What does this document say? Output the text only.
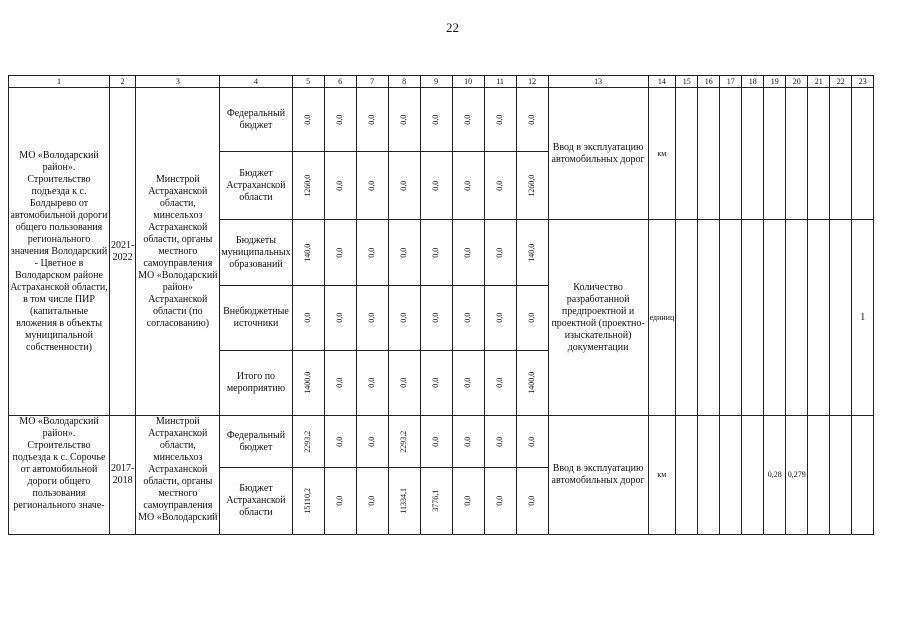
22
1	2	3	4	5	6	7	8	9	10	11	12	13	14	15	16	17	18	19	20	21	22	23
МО «Володарский район». Строительство подъезда к с. Болдырево от автомобильной дороги общего пользования регионального значения Володарский - Цветное в Володарском районе Астраханской области, в том числе ПИР (капитальные вложения в объекты муниципальной собственности)	2021-2022	Минстрой Астраханской области, минсельхоз Астраханской области, органы местного самоуправления МО «Володарский район» Астраханской области (по согласованию)	Федеральный бюджет	0,0	0,0	0,0	0,0	0,0	0,0	0,0	0,0	Ввод в эксплуатацию автомобильных дорог	км									
			Бюджет Астраханской области	1260,0	0,0	0,0	0,0	0,0	0,0	0,0	1260,0											
			Бюджеты муниципальных образований	140,0	0,0	0,0	0,0	0,0	0,0	0,0	140,0	Количество разработанной предпроектной и проектной (проектно-изыскательной) документации	единиц									1
			Внебюджетные источники	0,0	0,0	0,0	0,0	0,0	0,0	0,0	0,0											
			Итого по мероприятию	1400,0	0,0	0,0	0,0	0,0	0,0	0,0	1400,0											
МО «Володарский район». Строительство подъезда к с. Сорочье от автомобильной дороги общего пользования регионального значе-	2017-2018	Минстрой Астраханской области, минсельхоз Астраханской области, органы местного самоуправления МО «Володарский	Федеральный бюджет	2293,2	0,0	0,0	2293,2	0,0	0,0	0,0	0,0	Ввод в эксплуатацию автомобильных дорог	км					0,28	0,279			
			Бюджет Астраханской области	15110,2	0,0	0,0	11334,1	3776,1	0,0	0,0	0,0											
